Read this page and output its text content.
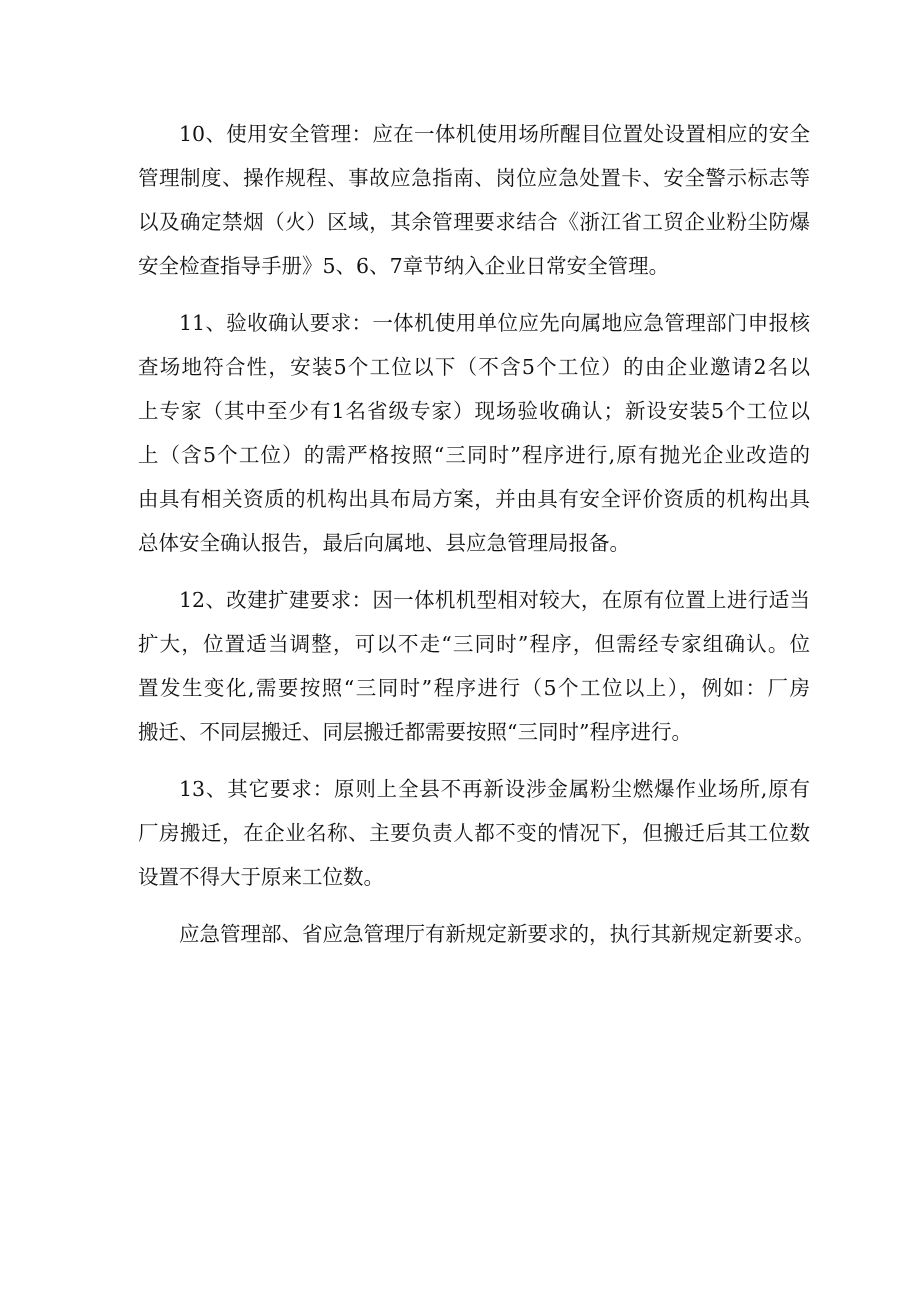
10、使用安全管理：应在一体机使用场所醒目位置处设置相应的安全
管理制度、操作规程、事故应急指南、岗位应急处置卡、安全警示标志等
以及确定禁烟（火）区域，其余管理要求结合《浙江省工贸企业粉尘防爆
安全检查指导手册》5、6、7章节纳入企业日常安全管理。
11、验收确认要求：一体机使用单位应先向属地应急管理部门申报核
查场地符合性，安装5个工位以下（不含5个工位）的由企业邀请2名以
上专家（其中至少有1名省级专家）现场验收确认；新设安装5个工位以
上（含5个工位）的需严格按照“三同时”程序进行,原有抛光企业改造的
由具有相关资质的机构出具布局方案，并由具有安全评价资质的机构出具
总体安全确认报告，最后向属地、县应急管理局报备。
12、改建扩建要求：因一体机机型相对较大，在原有位置上进行适当
扩大，位置适当调整，可以不走“三同时”程序，但需经专家组确认。位
置发生变化,需要按照“三同时”程序进行（5个工位以上），例如：厂房
搬迁、不同层搬迁、同层搬迁都需要按照“三同时”程序进行。
13、其它要求：原则上全县不再新设涉金属粉尘燃爆作业场所,原有
厂房搬迁，在企业名称、主要负责人都不变的情况下，但搬迁后其工位数
设置不得大于原来工位数。
应急管理部、省应急管理厅有新规定新要求的，执行其新规定新要求。
